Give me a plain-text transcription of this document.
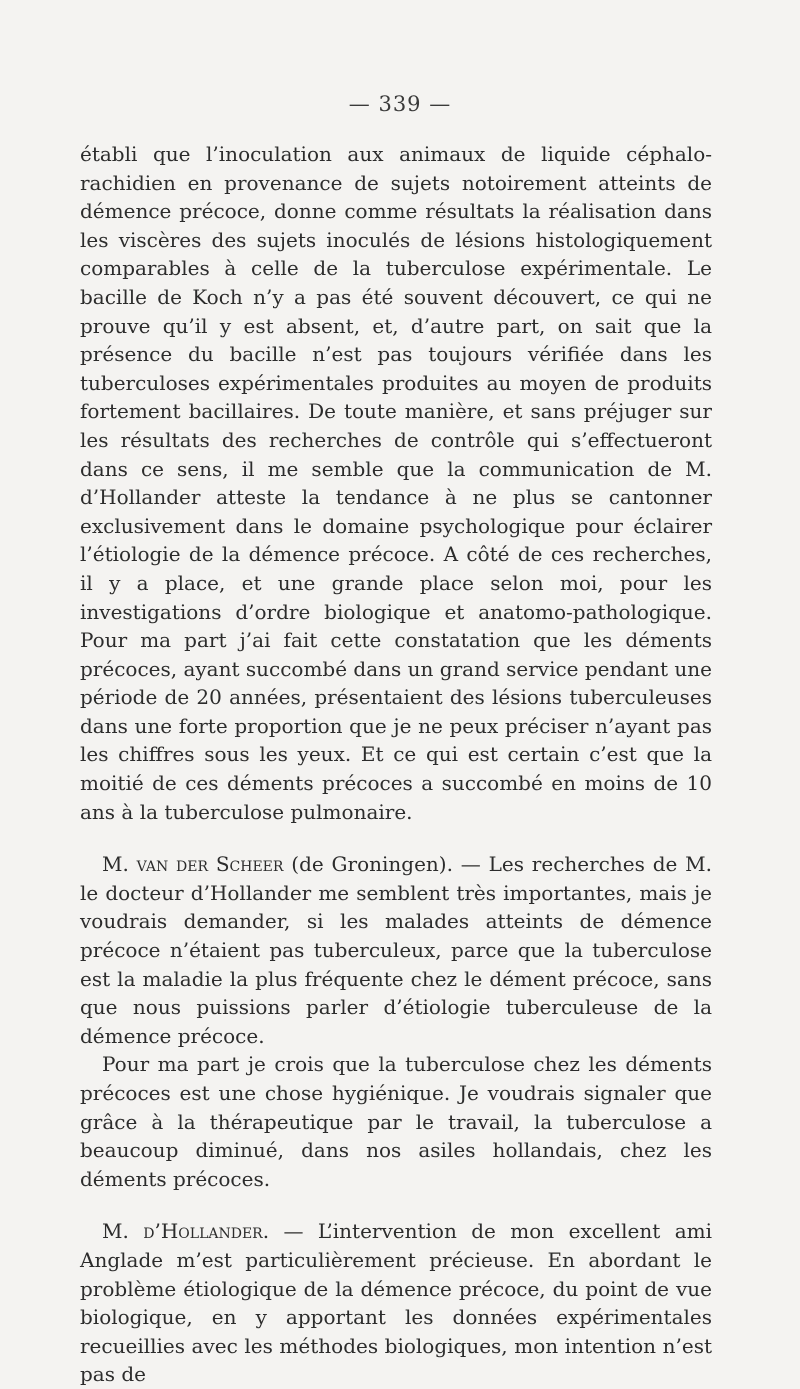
— 339 —

établi que l’inoculation aux animaux de liquide céphalo-rachidien en provenance de sujets notoirement atteints de démence précoce, donne comme résultats la réalisation dans les viscères des sujets inoculés de lésions histologiquement comparables à celle de la tuberculose expérimentale. Le bacille de Koch n’y a pas été souvent découvert, ce qui ne prouve qu’il y est absent, et, d’autre part, on sait que la présence du bacille n’est pas toujours vérifiée dans les tuberculoses expérimentales produites au moyen de produits fortement bacillaires. De toute manière, et sans préjuger sur les résultats des recherches de contrôle qui s’effectueront dans ce sens, il me semble que la communication de M. d’Hollander atteste la tendance à ne plus se cantonner exclusivement dans le domaine psychologique pour éclairer l’étiologie de la démence précoce. A côté de ces recherches, il y a place, et une grande place selon moi, pour les investigations d’ordre biologique et anatomo-pathologique. Pour ma part j’ai fait cette constatation que les déments précoces, ayant succombé dans un grand service pendant une période de 20 années, présentaient des lésions tuberculeuses dans une forte proportion que je ne peux préciser n’ayant pas les chiffres sous les yeux. Et ce qui est certain c’est que la moitié de ces déments précoces a succombé en moins de 10 ans à la tuberculose pulmonaire.

M. van der Scheer (de Groningen). — Les recherches de M. le docteur d’Hollander me semblent très importantes, mais je voudrais demander, si les malades atteints de démence précoce n’étaient pas tuberculeux, parce que la tuberculose est la maladie la plus fréquente chez le dément précoce, sans que nous puissions parler d’étiologie tuberculeuse de la démence précoce.

Pour ma part je crois que la tuberculose chez les déments précoces est une chose hygiénique. Je voudrais signaler que grâce à la thérapeutique par le travail, la tuberculose a beaucoup diminué, dans nos asiles hollandais, chez les déments précoces.

M. d’Hollander. — L’intervention de mon excellent ami Anglade m’est particulièrement précieuse. En abordant le problème étiologique de la démence précoce, du point de vue biologique, en y apportant les données expérimentales recueillies avec les méthodes biologiques, mon intention n’est pas de
